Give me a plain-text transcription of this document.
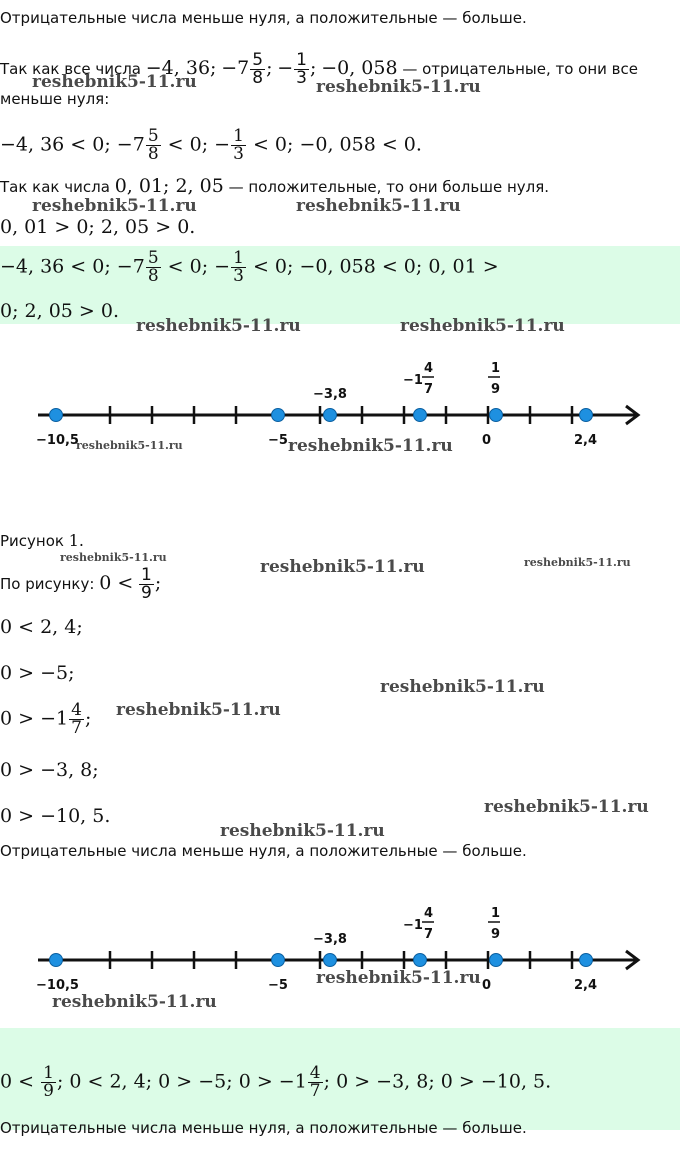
Отрицательные числа меньше нуля, а положительные — больше.
Так как все числа −4, 36; $-7 \frac{5}{8}$ ; − $\frac{1}{3}$ ; −0, 058 — отрицательные, то они все
меньше нуля:
−4, 36 < 0; $-7 \frac{5}{8} < 0$; − $\frac{1}{3} < 0$; −0, 058 < 0.
Так как числа 0, 01; 2, 05 — положительные, то они больше нуля.
0, 01 > 0; 2, 05 > 0.
−4, 36 < 0; $-7 \frac{5}{8} < 0$; − $\frac{1}{3} < 0$; −0, 058 < 0; 0, 01 >
0; 2, 05 > 0.
−10,5	−5
−3,8
−1
4
7
0
1
9
2,4
Рисунок 1.
По рисунку: $0 < \frac{1}{9}$ ;
0 < 2, 4;
0 > −5;
$0 > -1 \frac{4}{7}$ ;
0 > −3, 8;
0 > −10, 5.
Отрицательные числа меньше нуля, а положительные — больше.
−10,5	−5
−3,8
−1
4
7
0
1
9
2,4
$0 < \frac{1}{9}$ ; 0 < 2, 4; 0 > −5; $0 > -1 \frac{4}{7}$ ; 0 > −3, 8; 0 > −10, 5.
Отрицательные числа меньше нуля, а положительные — больше.
reshebnik5-11.ru	reshebnik5-11.ru
reshebnik5-11.ru	reshebnik5-11.ru
reshebnik5-11.ru	reshebnik5-11.ru
reshebnik5-11.ru	reshebnik5-11.ru
reshebnik5-11.ru	reshebnik5-11.ru	reshebnik5-11.ru
reshebnik5-11.ru
reshebnik5-11.ru
reshebnik5-11.ru
reshebnik5-11.ru
reshebnik5-11.ru
reshebnik5-11.ru
